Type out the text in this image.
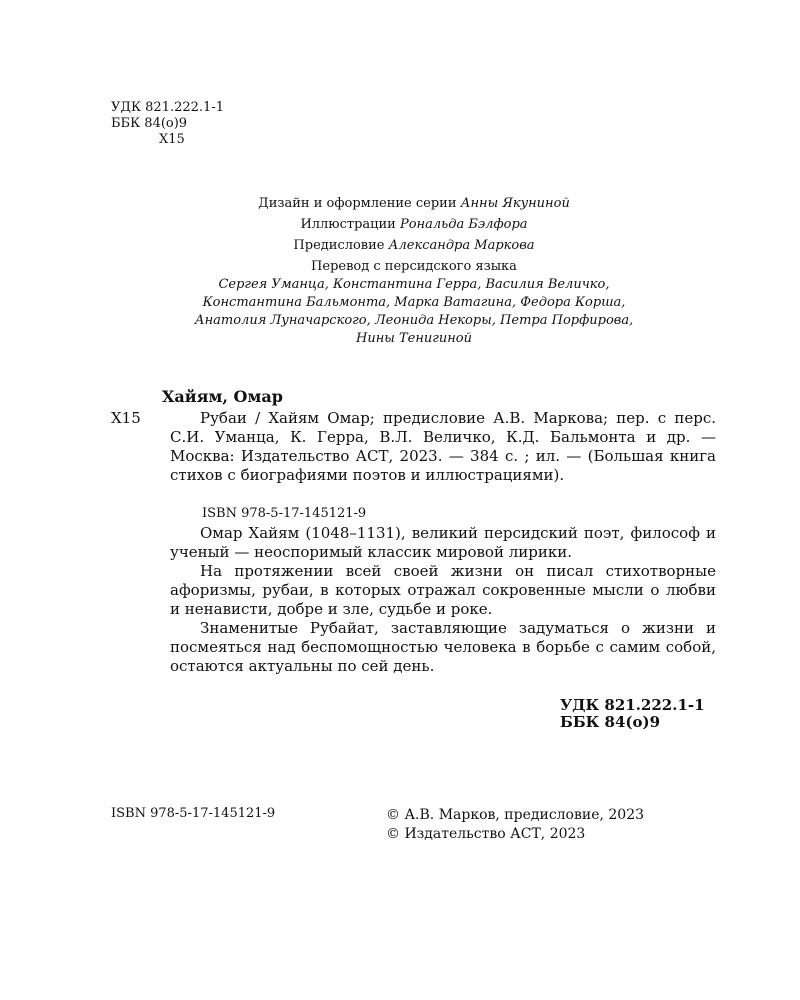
УДК 821.222.1-1
ББК 84(о)9
Х15
Дизайн и оформление серии Анны Якуниной
Иллюстрации Рональда Бэлфора
Предисловие Александра Маркова
Перевод с персидского языка
Сергея Уманца, Константина Герра, Василия Величко,
Константина Бальмонта, Марка Ватагина, Федора Корша,
Анатолия Луначарского, Леонида Некоры, Петра Порфирова,
Нины Тенигиной
Хайям, Омар
Х15	Рубаи / Хайям Омар; предисловие А.В. Маркова; пер. с перс. С.И. Уманца, К. Герра, В.Л. Величко, К.Д. Бальмонта и др. — Москва: Издательство АСТ, 2023. — 384 с. ; ил. — (Большая книга стихов с биографиями поэтов и иллюстрациями).

ISBN 978-5-17-145121-9

Омар Хайям (1048–1131), великий персидский поэт, философ и ученый — неоспоримый классик мировой лирики.

На протяжении всей своей жизни он писал стихотворные афоризмы, рубаи, в которых отражал сокровенные мысли о любви и ненависти, добре и зле, судьбе и роке.

Знаменитые Рубайат, заставляющие задуматься о жизни и посмеяться над беспомощностью человека в борьбе с самим собой, остаются актуальны по сей день.

УДК 821.222.1-1
ББК 84(о)9
ISBN 978-5-17-145121-9	© А.В. Марков, предисловие, 2023
© Издательство АСТ, 2023
